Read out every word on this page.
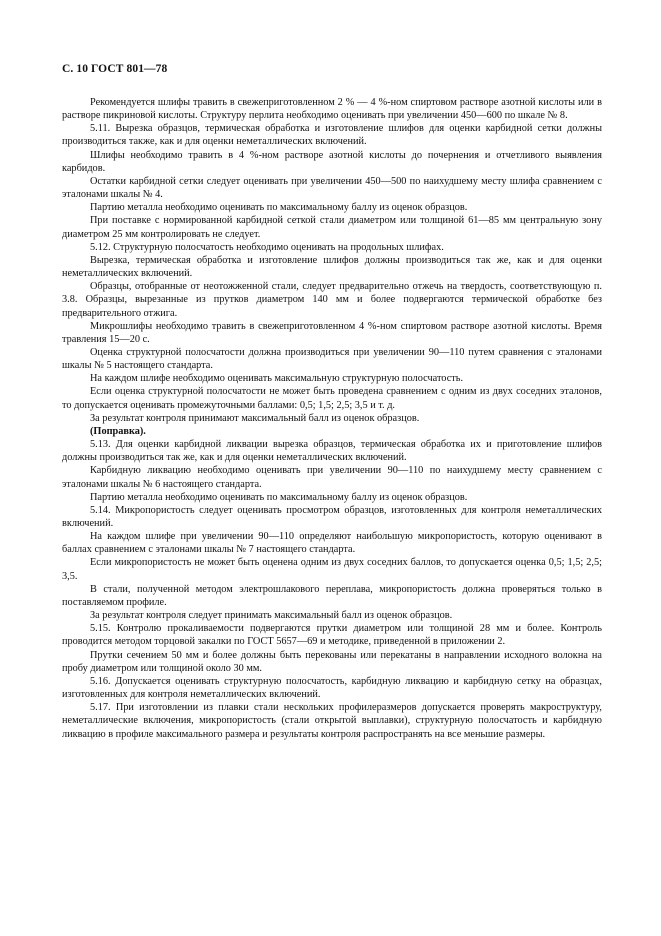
С. 10 ГОСТ 801—78

Рекомендуется шлифы травить в свежеприготовленном 2 % — 4 %-ном спиртовом растворе азотной кислоты или в растворе пикриновой кислоты. Структуру перлита необходимо оценивать при увеличении 450—600 по шкале № 8.

5.11. Вырезка образцов, термическая обработка и изготовление шлифов для оценки карбидной сетки должны производиться также, как и для оценки неметаллических включений.

Шлифы необходимо травить в 4 %-ном растворе азотной кислоты до почернения и отчетливого выявления карбидов.

Остатки карбидной сетки следует оценивать при увеличении 450—500 по наихудшему месту шлифа сравнением с эталонами шкалы № 4.

Партию металла необходимо оценивать по максимальному баллу из оценок образцов.

При поставке с нормированной карбидной сеткой стали диаметром или толщиной 61—85 мм центральную зону диаметром 25 мм контролировать не следует.

5.12. Структурную полосчатость необходимо оценивать на продольных шлифах.

Вырезка, термическая обработка и изготовление шлифов должны производиться так же, как и для оценки неметаллических включений.

Образцы, отобранные от неотожженной стали, следует предварительно отжечь на твердость, соответствующую п. 3.8. Образцы, вырезанные из прутков диаметром 140 мм и более подвергаются термической обработке без предварительного отжига.

Микрошлифы необходимо травить в свежеприготовленном 4 %-ном спиртовом растворе азотной кислоты. Время травления 15—20 с.

Оценка структурной полосчатости должна производиться при увеличении 90—110 путем сравнения с эталонами шкалы № 5 настоящего стандарта.

На каждом шлифе необходимо оценивать максимальную структурную полосчатость.

Если оценка структурной полосчатости не может быть проведена сравнением с одним из двух соседних эталонов, то допускается оценивать промежуточными баллами: 0,5; 1,5; 2,5; 3,5 и т. д.

За результат контроля принимают максимальный балл из оценок образцов.

(Поправка).

5.13. Для оценки карбидной ликвации вырезка образцов, термическая обработка их и приготовление шлифов должны производиться так же, как и для оценки неметаллических включений.

Карбидную ликвацию необходимо оценивать при увеличении 90—110 по наихудшему месту сравнением с эталонами шкалы № 6 настоящего стандарта.

Партию металла необходимо оценивать по максимальному баллу из оценок образцов.

5.14. Микропористость следует оценивать просмотром образцов, изготовленных для контроля неметаллических включений.

На каждом шлифе при увеличении 90—110 определяют наибольшую микропористость, которую оценивают в баллах сравнением с эталонами шкалы № 7 настоящего стандарта.

Если микропористость не может быть оценена одним из двух соседних баллов, то допускается оценка 0,5; 1,5; 2,5; 3,5.

В стали, полученной методом электрошлакового переплава, микропористость должна проверяться только в поставляемом профиле.

За результат контроля следует принимать максимальный балл из оценок образцов.

5.15. Контролю прокаливаемости подвергаются прутки диаметром или толщиной 28 мм и более. Контроль проводится методом торцовой закалки по ГОСТ 5657—69 и методике, приведенной в приложении 2.

Прутки сечением 50 мм и более должны быть перекованы или перекатаны в направлении исходного волокна на пробу диаметром или толщиной около 30 мм.

5.16. Допускается оценивать структурную полосчатость, карбидную ликвацию и карбидную сетку на образцах, изготовленных для контроля неметаллических включений.

5.17. При изготовлении из плавки стали нескольких профилеразмеров допускается проверять макроструктуру, неметаллические включения, микропористость (стали открытой выплавки), структурную полосчатость и карбидную ликвацию в профиле максимального размера и результаты контроля распространять на все меньшие размеры.
